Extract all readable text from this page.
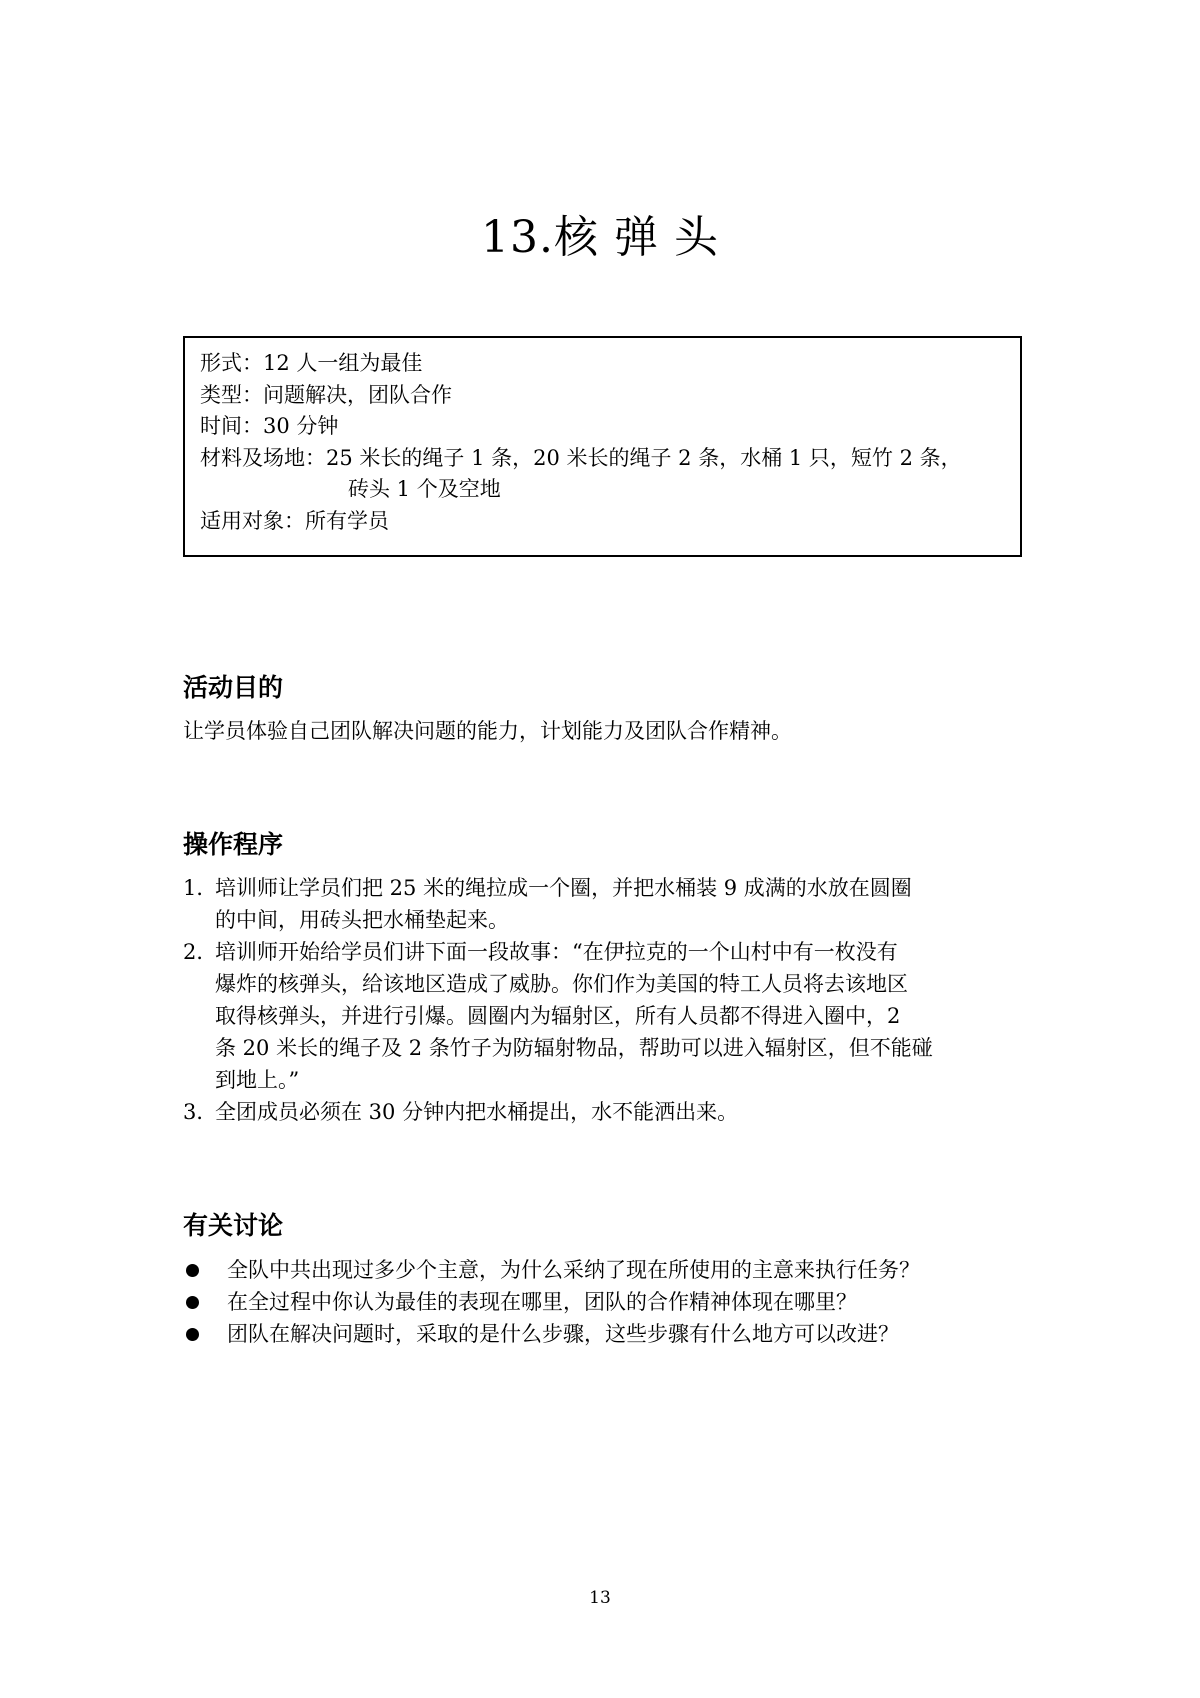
13.核 弹 头
形式：12 人一组为最佳
类型：问题解决，团队合作
时间：30 分钟
材料及场地：25 米长的绳子 1 条，20 米长的绳子 2 条，水桶 1 只，短竹 2 条，
砖头 1 个及空地
适用对象：所有学员
活动目的
让学员体验自己团队解决问题的能力，计划能力及团队合作精神。
操作程序
1．
培训师让学员们把 25 米的绳拉成一个圈，并把水桶装 9 成满的水放在圆圈
的中间，用砖头把水桶垫起来。
2．
培训师开始给学员们讲下面一段故事：“在伊拉克的一个山村中有一枚没有
爆炸的核弹头，给该地区造成了威胁。你们作为美国的特工人员将去该地区
取得核弹头，并进行引爆。圆圈内为辐射区，所有人员都不得进入圈中，2
条 20 米长的绳子及 2 条竹子为防辐射物品，帮助可以进入辐射区，但不能碰
到地上。”
3．
全团成员必须在 30 分钟内把水桶提出，水不能洒出来。
有关讨论
全队中共出现过多少个主意，为什么采纳了现在所使用的主意来执行任务？
在全过程中你认为最佳的表现在哪里，团队的合作精神体现在哪里？
团队在解决问题时，采取的是什么步骤，这些步骤有什么地方可以改进？
13
